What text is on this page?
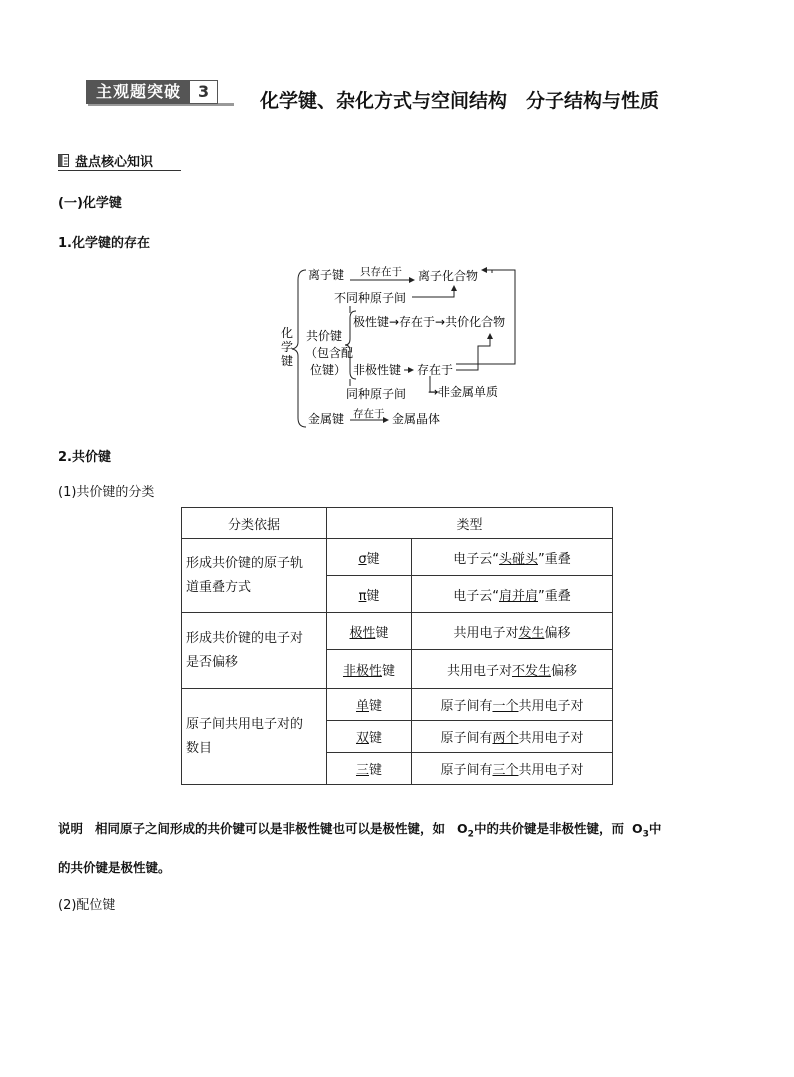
主观题突破	3	化学键、杂化方式与空间结构　分子结构与性质
盘点核心知识
(一)化学键
1.化学键的存在
化
学
键
离子键 只存在于 离子化合物
不同种原子间
共价键
（包含配
位键）
极性键→存在于→共价化合物
非极性键 存在于
同种原子间 →非金属单质
金属键 存在于 金属晶体
2.共价键
(1)共价键的分类
分类依据	类型	

形成共价键的原子轨
道重叠方式	σ键	电子云“头碰头”重叠
	π键	电子云“肩并肩”重叠

形成共价键的电子对
是否偏移	极性键	共用电子对发生偏移
	非极性键	共用电子对不发生偏移

原子间共用电子对的
数目	单键	原子间有一个共用电子对
	双键	原子间有两个共用电子对
	三键	原子间有三个共用电子对
说明 相同原子之间形成的共价键可以是非极性键也可以是极性键，如 $O_2$中的共价键是非极性键，而 $O_3$中
的共价键是极性键。
(2)配位键
